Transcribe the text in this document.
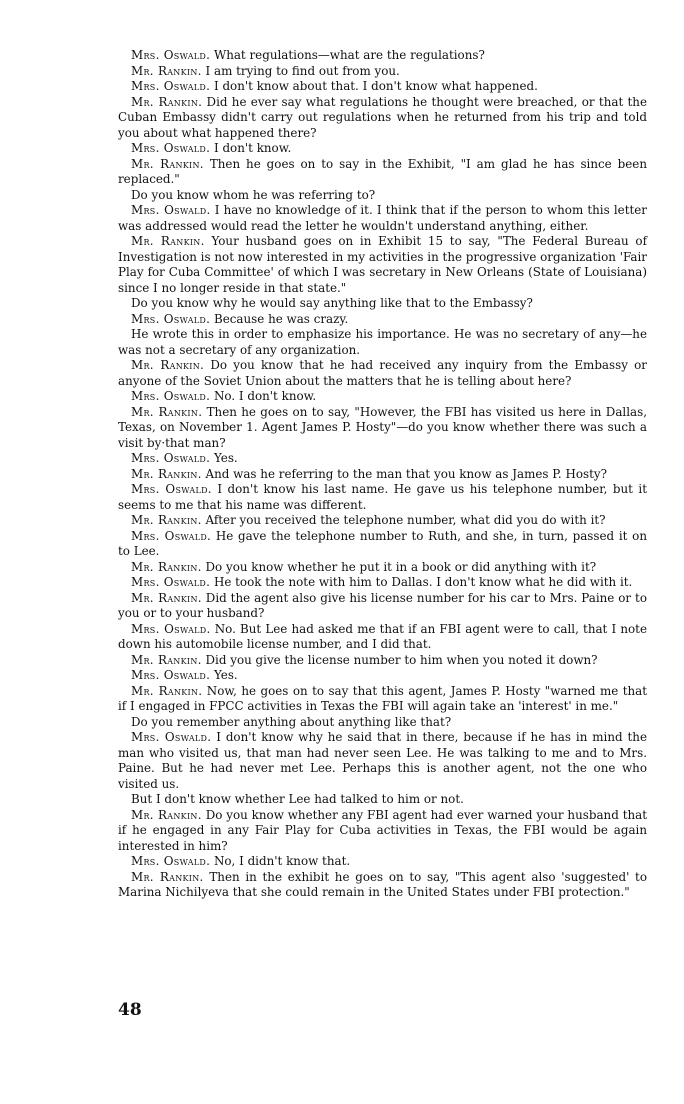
Mrs. Oswald. What regulations—what are the regulations?

Mr. Rankin. I am trying to find out from you.

Mrs. Oswald. I don't know about that. I don't know what happened.

Mr. Rankin. Did he ever say what regulations he thought were breached, or that the Cuban Embassy didn't carry out regulations when he returned from his trip and told you about what happened there?

Mrs. Oswald. I don't know.

Mr. Rankin. Then he goes on to say in the Exhibit, "I am glad he has since been replaced."

Do you know whom he was referring to?

Mrs. Oswald. I have no knowledge of it. I think that if the person to whom this letter was addressed would read the letter he wouldn't understand anything, either.

Mr. Rankin. Your husband goes on in Exhibit 15 to say, "The Federal Bureau of Investigation is not now interested in my activities in the progressive organization 'Fair Play for Cuba Committee' of which I was secretary in New Orleans (State of Louisiana) since I no longer reside in that state."

Do you know why he would say anything like that to the Embassy?

Mrs. Oswald. Because he was crazy.

He wrote this in order to emphasize his importance. He was no secretary of any—he was not a secretary of any organization.

Mr. Rankin. Do you know that he had received any inquiry from the Embassy or anyone of the Soviet Union about the matters that he is telling about here?

Mrs. Oswald. No. I don't know.

Mr. Rankin. Then he goes on to say, "However, the FBI has visited us here in Dallas, Texas, on November 1. Agent James P. Hosty"—do you know whether there was such a visit by·that man?

Mrs. Oswald. Yes.

Mr. Rankin. And was he referring to the man that you know as James P. Hosty?

Mrs. Oswald. I don't know his last name. He gave us his telephone number, but it seems to me that his name was different.

Mr. Rankin. After you received the telephone number, what did you do with it?

Mrs. Oswald. He gave the telephone number to Ruth, and she, in turn, passed it on to Lee.

Mr. Rankin. Do you know whether he put it in a book or did anything with it?

Mrs. Oswald. He took the note with him to Dallas. I don't know what he did with it.

Mr. Rankin. Did the agent also give his license number for his car to Mrs. Paine or to you or to your husband?

Mrs. Oswald. No. But Lee had asked me that if an FBI agent were to call, that I note down his automobile license number, and I did that.

Mr. Rankin. Did you give the license number to him when you noted it down?

Mrs. Oswald. Yes.

Mr. Rankin. Now, he goes on to say that this agent, James P. Hosty "warned me that if I engaged in FPCC activities in Texas the FBI will again take an 'interest' in me."

Do you remember anything about anything like that?

Mrs. Oswald. I don't know why he said that in there, because if he has in mind the man who visited us, that man had never seen Lee. He was talking to me and to Mrs. Paine. But he had never met Lee. Perhaps this is another agent, not the one who visited us.

But I don't know whether Lee had talked to him or not.

Mr. Rankin. Do you know whether any FBI agent had ever warned your husband that if he engaged in any Fair Play for Cuba activities in Texas, the FBI would be again interested in him?

Mrs. Oswald. No, I didn't know that.

Mr. Rankin. Then in the exhibit he goes on to say, "This agent also 'suggested' to Marina Nichilyeva that she could remain in the United States under FBI protection."

48
